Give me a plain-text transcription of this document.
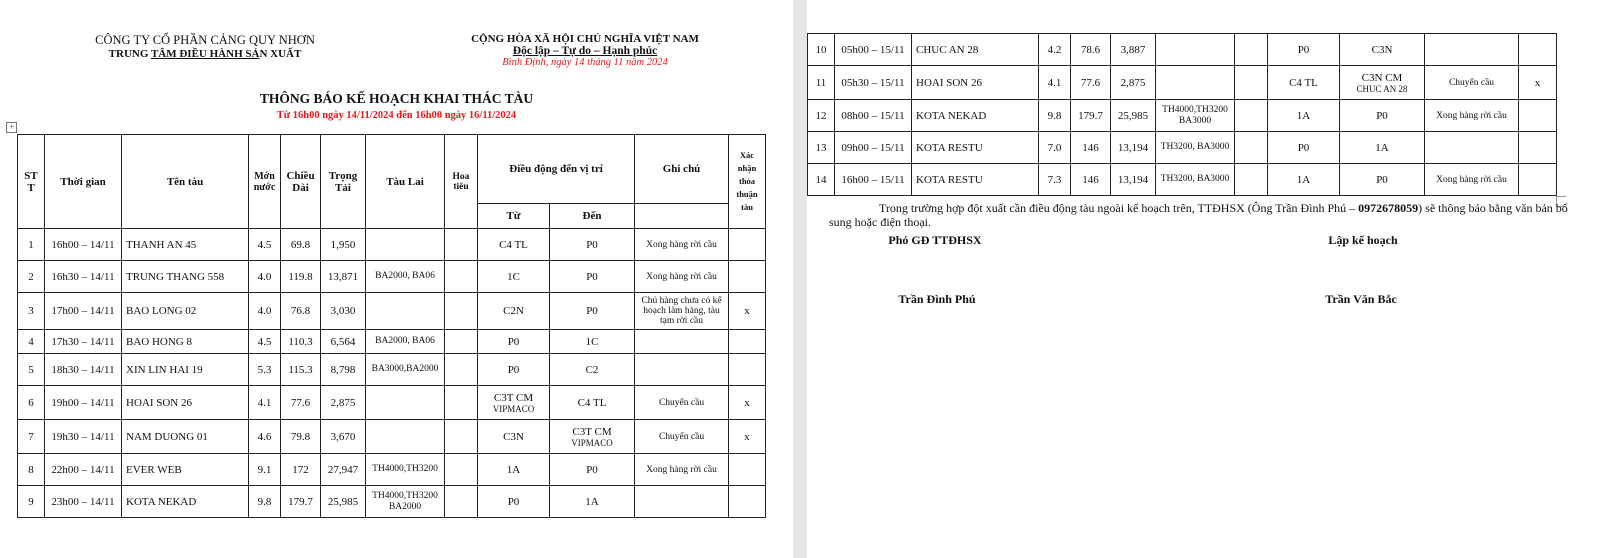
CÔNG TY CỔ PHẦN CẢNG QUY NHƠN
TRUNG TÂM ĐIỀU HÀNH SẢN XUẤT
CỘNG HÒA XÃ HỘI CHỦ NGHĨA VIỆT NAM
Độc lập – Tự do – Hạnh phúc
Bình Định, ngày 14 tháng 11 năm 2024
THÔNG BÁO KẾ HOẠCH KHAI THÁC TÀU
Từ 16h00 ngày 14/11/2024 đến 16h00 ngày 16/11/2024
+
ST T	Thời gian	Tên tàu	Mớn nước	Chiều Dài	Trọng Tải	Tàu Lai	Hoa tiêu	Điều động đến vị trí		Ghi chú	Xác nhận thỏa thuận tàu
								Từ	Đến		
1	16h00 – 14/11	THANH AN 45	4.5	69.8	1,950			C4 TL	P0	Xong hàng rời cầu	
2	16h30 – 14/11	TRUNG THANG 558	4.0	119.8	13,871	BA2000, BA06		1C	P0	Xong hàng rời cầu	
3	17h00 – 14/11	BAO LONG 02	4.0	76.8	3,030			C2N	P0	Chủ hàng chưa có kế hoạch làm hàng, tàu tạm rời cầu	x
4	17h30 – 14/11	BAO HONG 8	4.5	110.3	6,564	BA2000, BA06		P0	1C		
5	18h30 – 14/11	XIN LIN HAI 19	5.3	115.3	8,798	BA3000,BA2000		P0	C2		
6	19h00 – 14/11	HOAI SON 26	4.1	77.6	2,875			C3T CM
VIPMACO	C4 TL	Chuyển cầu	x
7	19h30 – 14/11	NAM DUONG 01	4.6	79.8	3,670			C3N	C3T CM
VIPMACO	Chuyển cầu	x
8	22h00 – 14/11	EVER WEB	9.1	172	27,947	TH4000,TH3200		1A	P0	Xong hàng rời cầu	
9	23h00 – 14/11	KOTA NEKAD	9.8	179.7	25,985	TH4000,TH3200 BA2000		P0	1A		
10	05h00 – 15/11	CHUC AN 28	4.2	78.6	3,887			P0	C3N		
11	05h30 – 15/11	HOAI SON 26	4.1	77.6	2,875			C4 TL	C3N CM
CHUC AN 28	Chuyển cầu	x
12	08h00 – 15/11	KOTA NEKAD	9.8	179.7	25,985	TH4000,TH3200 BA3000		1A	P0	Xong hàng rời cầu	
13	09h00 – 15/11	KOTA RESTU	7.0	146	13,194	TH3200, BA3000		P0	1A		
14	16h00 – 15/11	KOTA RESTU	7.3	146	13,194	TH3200, BA3000		1A	P0	Xong hàng rời cầu	
Trong trường hợp đột xuất cần điều động tàu ngoài kế hoạch trên, TTĐHSX (Ông Trần Đình Phú – 0972678059) sẽ thông báo bằng văn bản bổ sung hoặc điện thoại.
Phó GĐ TTĐHSX	Lập kế hoạch
Trần Đình Phú	Trần Văn Bắc
